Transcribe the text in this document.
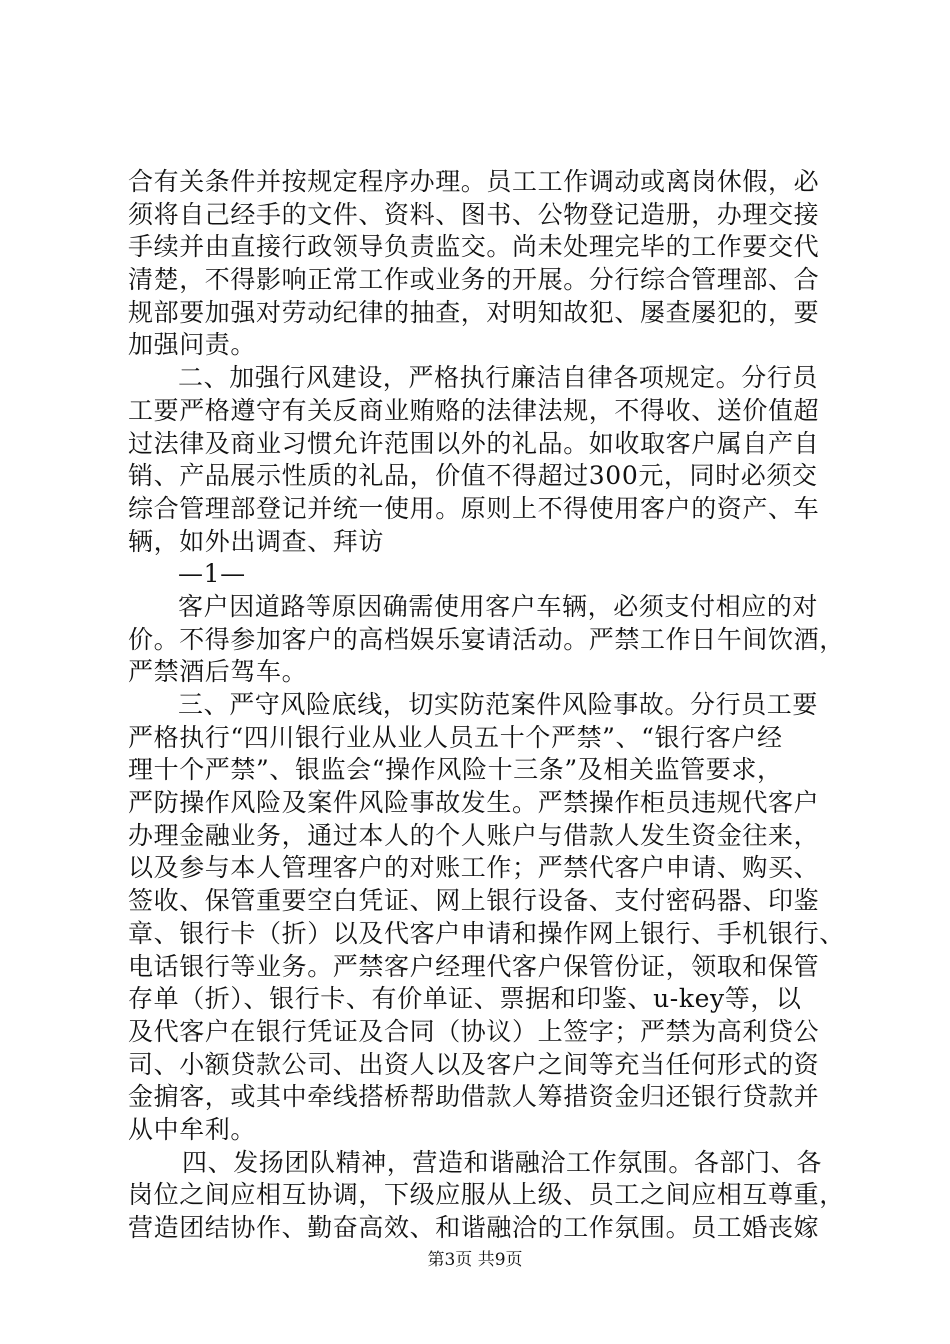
合有关条件并按规定程序办理。员工工作调动或离岗休假，必
须将自己经手的文件、资料、图书、公物登记造册，办理交接
手续并由直接行政领导负责监交。尚未处理完毕的工作要交代
清楚，不得影响正常工作或业务的开展。分行综合管理部、合
规部要加强对劳动纪律的抽查，对明知故犯、屡查屡犯的，要
加强问责。
二、加强行风建设，严格执行廉洁自律各项规定。分行员
工要严格遵守有关反商业贿赂的法律法规，不得收、送价值超
过法律及商业习惯允许范围以外的礼品。如收取客户属自产自
销、产品展示性质的礼品，价值不得超过300元，同时必须交
综合管理部登记并统一使用。原则上不得使用客户的资产、车
辆，如外出调查、拜访
—1—
客户因道路等原因确需使用客户车辆，必须支付相应的对
价。不得参加客户的高档娱乐宴请活动。严禁工作日午间饮酒，
严禁酒后驾车。
三、严守风险底线，切实防范案件风险事故。分行员工要
严格执行“四川银行业从业人员五十个严禁”、“银行客户经
理十个严禁”、银监会“操作风险十三条”及相关监管要求，
严防操作风险及案件风险事故发生。严禁操作柜员违规代客户
办理金融业务，通过本人的个人账户与借款人发生资金往来，
以及参与本人管理客户的对账工作；严禁代客户申请、购买、
签收、保管重要空白凭证、网上银行设备、支付密码器、印鉴
章、银行卡（折）以及代客户申请和操作网上银行、手机银行、
电话银行等业务。严禁客户经理代客户保管份证，领取和保管
存单（折）、银行卡、有价单证、票据和印鉴、u-key等，以
及代客户在银行凭证及合同（协议）上签字；严禁为高利贷公
司、小额贷款公司、出资人以及客户之间等充当任何形式的资
金掮客，或其中牵线搭桥帮助借款人筹措资金归还银行贷款并
从中牟利。
四、发扬团队精神，营造和谐融洽工作氛围。各部门、各
岗位之间应相互协调，下级应服从上级、员工之间应相互尊重，
营造团结协作、勤奋高效、和谐融洽的工作氛围。员工婚丧嫁
第3页 共9页
